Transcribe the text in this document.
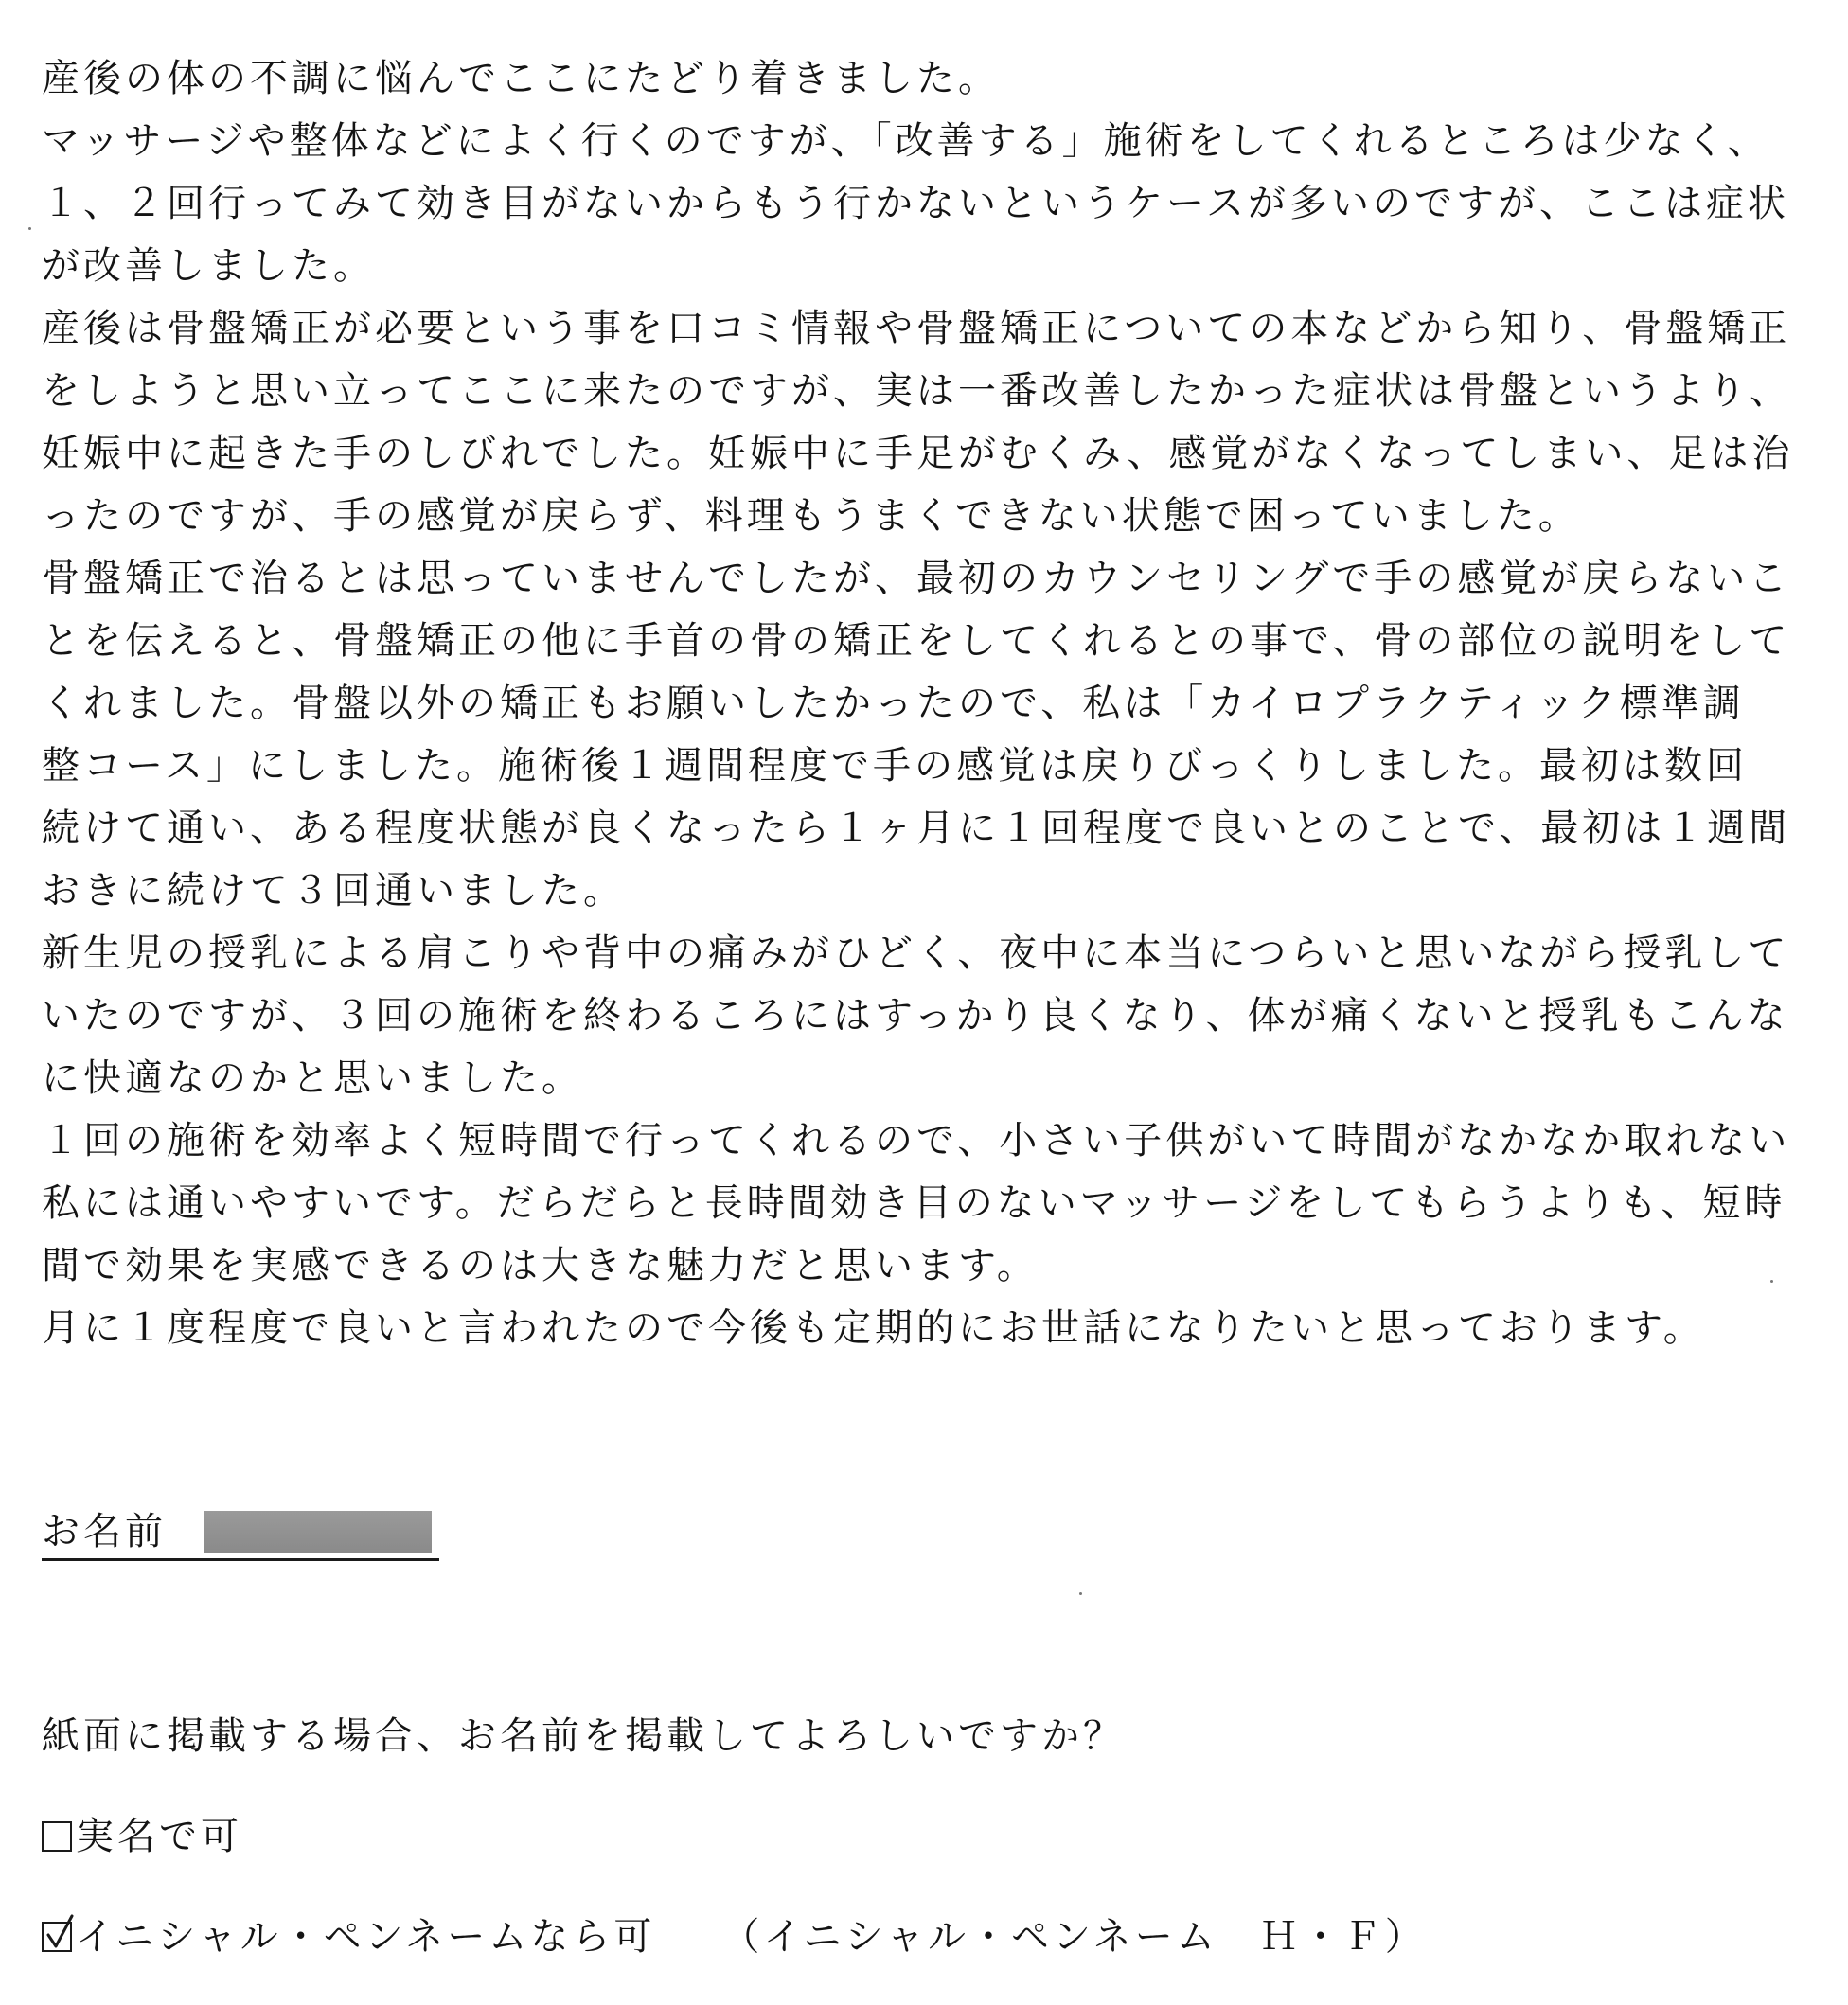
産後の体の不調に悩んでここにたどり着きました。
マッサージや整体などによく行くのですが、「改善する」施術をしてくれるところは少なく、
１、２回行ってみて効き目がないからもう行かないというケースが多いのですが、ここは症状
が改善しました。
産後は骨盤矯正が必要という事を口コミ情報や骨盤矯正についての本などから知り、骨盤矯正
をしようと思い立ってここに来たのですが、実は一番改善したかった症状は骨盤というより、
妊娠中に起きた手のしびれでした。妊娠中に手足がむくみ、感覚がなくなってしまい、足は治
ったのですが、手の感覚が戻らず、料理もうまくできない状態で困っていました。
骨盤矯正で治るとは思っていませんでしたが、最初のカウンセリングで手の感覚が戻らないこ
とを伝えると、骨盤矯正の他に手首の骨の矯正をしてくれるとの事で、骨の部位の説明をして
くれました。骨盤以外の矯正もお願いしたかったので、私は「カイロプラクティック標準調
整コース」にしました。施術後１週間程度で手の感覚は戻りびっくりしました。最初は数回
続けて通い、ある程度状態が良くなったら１ヶ月に１回程度で良いとのことで、最初は１週間
おきに続けて３回通いました。
新生児の授乳による肩こりや背中の痛みがひどく、夜中に本当につらいと思いながら授乳して
いたのですが、３回の施術を終わるころにはすっかり良くなり、体が痛くないと授乳もこんな
に快適なのかと思いました。
１回の施術を効率よく短時間で行ってくれるので、小さい子供がいて時間がなかなか取れない
私には通いやすいです。だらだらと長時間効き目のないマッサージをしてもらうよりも、短時
間で効果を実感できるのは大きな魅力だと思います。
月に１度程度で良いと言われたので今後も定期的にお世話になりたいと思っております。
お名前
紙面に掲載する場合、お名前を掲載してよろしいですか？
実名で可
イニシャル・ペンネームなら可 （イニシャル・ペンネーム　Ｈ・Ｆ）
